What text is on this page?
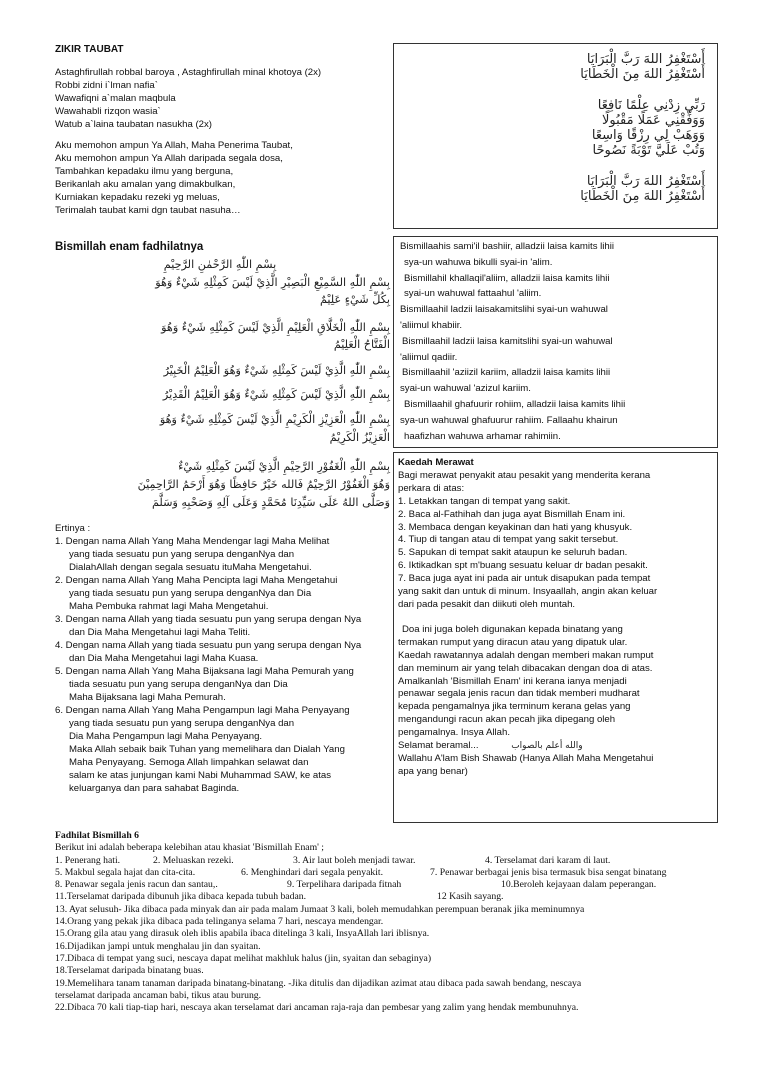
ZIKIR TAUBAT
Astaghfirullah robbal baroya , Astaghfirullah minal khotoya (2x)
Robbi zidni i`lman nafia`
Wawafiqni a`malan maqbula
Wawahabli rizqon wasia`
Watub a`laina taubatan nasukha (2x)
Aku memohon ampun Ya Allah, Maha Penerima Taubat,
Aku memohon ampun Ya Allah daripada segala dosa,
Tambahkan kepadaku ilmu yang berguna,
Berikanlah aku amalan yang dimakbulkan,
Kurniakan kepadaku rezeki yg meluas,
Terimalah taubat kami dgn taubat nasuha…
أَسْتَغْفِرُ اللهَ رَبَّ الْبَرَايَا
أَسْتَغْفِرُ اللهَ مِنَ الْخَطَايَا
رَبِّي زِدْنِي عِلْمًا نَافِعًا
وَوَفِّقْنِي عَمَلًا مَقْبُولًا
وَوَهَبْ لِي رِزْقًا وَاسِعًا
وَتُبْ عَلَيَّ تَوْبَةً نَصُوحًا
أَسْتَغْفِرُ اللهَ رَبَّ الْبَرَايَا
أَسْتَغْفِرُ اللهَ مِنَ الْخَطَايَا
Bismillah enam fadhilatnya
بِسْمِ اللّٰهِ الرَّحْمٰنِ الرَّحِيْمِ
بِسْمِ اللّٰهِ السَّمِيْعِ الْبَصِيْرِ الَّذِيْ لَيْسَ كَمِثْلِهِ شَيْءٌ وَهُوَ
بِكُلِّ شَيْءٍ عَلِيْمٌ
بِسْمِ اللّٰهِ الْخَلَّاقِ الْعَلِيْمِ الَّذِيْ لَيْسَ كَمِثْلِهِ شَيْءٌ وَهُوَ
الْفَتَّاحُ الْعَلِيْمُ
بِسْمِ اللّٰهِ الَّذِيْ لَيْسَ كَمِثْلِهِ شَيْءٌ وَهُوَ الْعَلِيْمُ الْخَبِيْرُ
بِسْمِ اللّٰهِ الَّذِيْ لَيْسَ كَمِثْلِهِ شَيْءٌ وَهُوَ الْعَلِيْمُ الْقَدِيْرُ
بِسْمِ اللّٰهِ الْعَزِيْزِ الْكَرِيْمِ الَّذِيْ لَيْسَ كَمِثْلِهِ شَيْءٌ وَهُوَ
الْعَزِيْزُ الْكَرِيْمُ
بِسْمِ اللّٰهِ الْغَفُوْرِ الرَّحِيْمِ الَّذِيْ لَيْسَ كَمِثْلِهِ شَيْءٌ
وَهُوَ الْغَفُوْرُ الرَّحِيْمُ فَالله خَيْرٌ حَافِظًا وَهُوَ أَرْحَمُ الرَّاحِمِيْنَ
وَصَلَّى اللهُ عَلَى سَيِّدِنَا مُحَمَّدٍ وَعَلَى آلِهِ وَصَحْبِهِ وَسَلَّمَ
Bismillaahis sami'il bashiir, alladzii laisa kamits lihii
sya-un wahuwa bikulli syai-in 'alim.
Bismillahil khallaqil'aliim, alladzii laisa kamits lihii
syai-un wahuwal fattaahul 'aliim.
Bismillaahil ladzii laisakamitslihi syai-un wahuwal
'aliimul khabiir.
Bismillaahil ladzii laisa kamitslihi syai-un wahuwal
'aliimul qadiir.
Bismillaahil 'aziizil kariim, alladzii laisa kamits lihii
syai-un wahuwal 'azizul kariim.
Bismillaahil ghafuurir rohiim, alladzii laisa kamits lihii
sya-un wahuwal ghafuurur rahiim. Fallaahu khairun
haafizhan wahuwa arhamar rahimiin.
Ertinya :
1. Dengan nama Allah Yang Maha Mendengar lagi Maha Melihat
yang tiada sesuatu pun yang serupa denganNya dan
DialahAllah dengan segala sesuatu ituMaha Mengetahui.
2. Dengan nama Allah Yang Maha Pencipta lagi Maha Mengetahui
yang tiada sesuatu pun yang serupa denganNya dan Dia
Maha Pembuka rahmat lagi Maha Mengetahui.
3. Dengan nama Allah yang tiada sesuatu pun yang serupa dengan Nya
dan Dia Maha Mengetahui lagi Maha Teliti.
4. Dengan nama Allah yang tiada sesuatu pun yang serupa dengan Nya
dan Dia Maha Mengetahui lagi Maha Kuasa.
5. Dengan nama Allah Yang Maha Bijaksana lagi Maha Pemurah yang
tiada sesuatu pun yang serupa denganNya dan Dia
Maha Bijaksana lagi Maha Pemurah.
6. Dengan nama Allah Yang Maha Pengampun lagi Maha Penyayang
yang tiada sesuatu pun yang serupa denganNya dan
Dia Maha Pengampun lagi Maha Penyayang.
Maka Allah sebaik baik Tuhan yang memelihara dan Dialah Yang
Maha Penyayang. Semoga Allah limpahkan selawat dan
salam ke atas junjungan kami Nabi Muhammad SAW, ke atas
keluarganya dan para sahabat Baginda.
Kaedah Merawat
Bagi merawat penyakit atau pesakit yang menderita kerana
perkara di atas:
1. Letakkan tangan di tempat yang sakit.
2. Baca al-Fathihah dan juga ayat Bismillah Enam ini.
3. Membaca dengan keyakinan dan hati yang khusyuk.
4. Tiup di tangan atau di tempat yang sakit tersebut.
5. Sapukan di tempat sakit ataupun ke seluruh badan.
6. Iktikadkan spt m'buang sesuatu keluar dr badan pesakit.
7. Baca juga ayat ini pada air untuk disapukan pada tempat
yang sakit dan untuk di minum. Insyaallah, angin akan keluar
dari pada pesakit dan diikuti oleh muntah.
Doa ini juga boleh digunakan kepada binatang yang
termakan rumput yang diracun atau yang dipatuk ular.
Kaedah rawatannya adalah dengan memberi makan rumput
dan meminum air yang telah dibacakan dengan doa di atas.
Amalkanlah 'Bismillah Enam' ini kerana ianya menjadi
penawar segala jenis racun dan tidak memberi mudharat
kepada pengamalnya jika terminum kerana gelas yang
mengandungi racun akan pecah jika dipegang oleh
pengamalnya. Insya Allah.
Selamat beramal...	والله أعلم بالصواب
Wallahu A'lam Bish Shawab (Hanya Allah Maha Mengetahui
apa yang benar)
Fadhilat Bismillah 6
Berikut ini adalah beberapa kelebihan atau khasiat 'Bismillah Enam' ;
1. Penerang hati.	2. Meluaskan rezeki.	3. Air laut boleh menjadi tawar.	4. Terselamat dari karam di laut.
5. Makbul segala hajat dan cita-cita.	6. Menghindari dari segala penyakit.	7. Penawar berbagai jenis bisa termasuk bisa sengat binatang
8. Penawar segala jenis racun dan santau,.	9. Terpelihara daripada fitnah	10.Beroleh kejayaan dalam peperangan.
11.Terselamat daripada dibunuh jika dibaca kepada tubuh badan.	12 Kasih sayang.
13. Ayat selusuh- Jika dibaca pada minyak dan air pada malam Jumaat 3 kali, boleh memudahkan perempuan beranak jika meminumnya
14.Orang yang pekak jika dibaca pada telinganya selama 7 hari, nescaya mendengar.
15.Orang gila atau yang dirasuk oleh iblis apabila ibaca ditelinga 3 kali, InsyaAllah lari iblisnya.
16.Dijadikan jampi untuk menghalau jin dan syaitan.
17.Dibaca di tempat yang suci, nescaya dapat melihat makhluk halus (jin, syaitan dan sebaginya)
18.Terselamat daripada binatang buas.
19.Memelihara tanam tanaman daripada binatang-binatang. -Jika ditulis dan dijadikan azimat atau dibaca pada sawah bendang, nescaya
terselamat daripada ancaman babi, tikus atau burung.
22.Dibaca 70 kali tiap-tiap hari, nescaya akan terselamat dari ancaman raja-raja dan pembesar yang zalim yang hendak membunuhnya.
